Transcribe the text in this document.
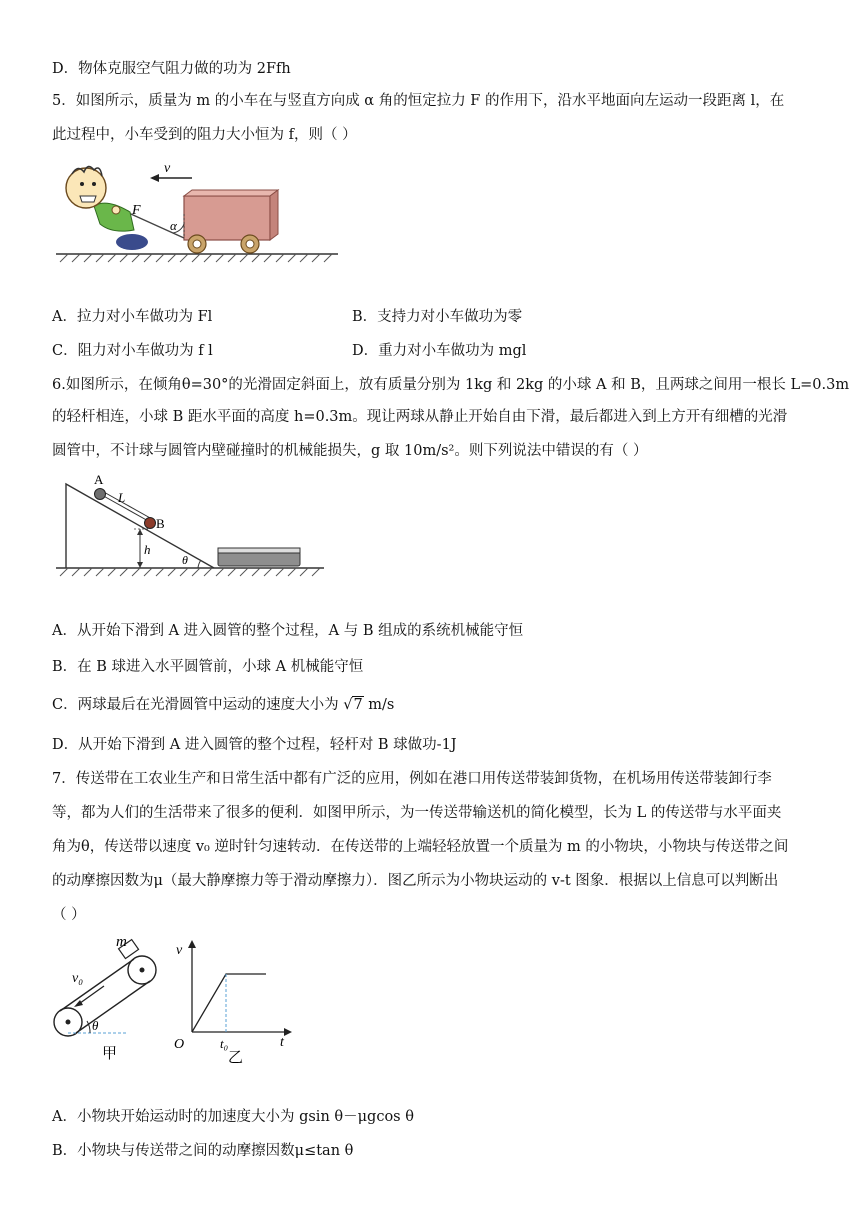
D．物体克服空气阻力做的功为 2Ffh
5．如图所示，质量为 m 的小车在与竖直方向成 α 角的恒定拉力 F 的作用下，沿水平地面向左运动一段距离 l，在
此过程中，小车受到的阻力大小恒为 f，则（ ）
v
F
α
A．拉力对小车做功为 Fl	B．支持力对小车做功为零
C．阻力对小车做功为 f l	D．重力对小车做功为 mgl
6.如图所示，在倾角θ=30°的光滑固定斜面上，放有质量分别为 1kg 和 2kg 的小球 A 和 B，且两球之间用一根长 L=0.3m
的轻杆相连，小球 B 距水平面的高度 h=0.3m。现让两球从静止开始自由下滑，最后都进入到上方开有细槽的光滑
圆管中，不计球与圆管内壁碰撞时的机械能损失，g 取 10m/s²。则下列说法中错误的有（ ）
A
B
L
h
θ
A．从开始下滑到 A 进入圆管的整个过程，A 与 B 组成的系统机械能守恒
B．在 B 球进入水平圆管前，小球 A 机械能守恒
C．两球最后在光滑圆管中运动的速度大小为 √7 m/s
D．从开始下滑到 A 进入圆管的整个过程，轻杆对 B 球做功-1J
7．传送带在工农业生产和日常生活中都有广泛的应用，例如在港口用传送带装卸货物，在机场用传送带装卸行李
等，都为人们的生活带来了很多的便利．如图甲所示，为一传送带输送机的简化模型，长为 L 的传送带与水平面夹
角为θ，传送带以速度 v₀ 逆时针匀速转动．在传送带的上端轻轻放置一个质量为 m 的小物块，小物块与传送带之间
的动摩擦因数为μ（最大静摩擦力等于滑动摩擦力）．图乙所示为小物块运动的 v-t 图象．根据以上信息可以判断出
（ ）
m
v₀
θ
甲
v
O	t₀	t
乙
A．小物块开始运动时的加速度大小为 gsin θ－μgcos θ
B．小物块与传送带之间的动摩擦因数μ≤tan θ
